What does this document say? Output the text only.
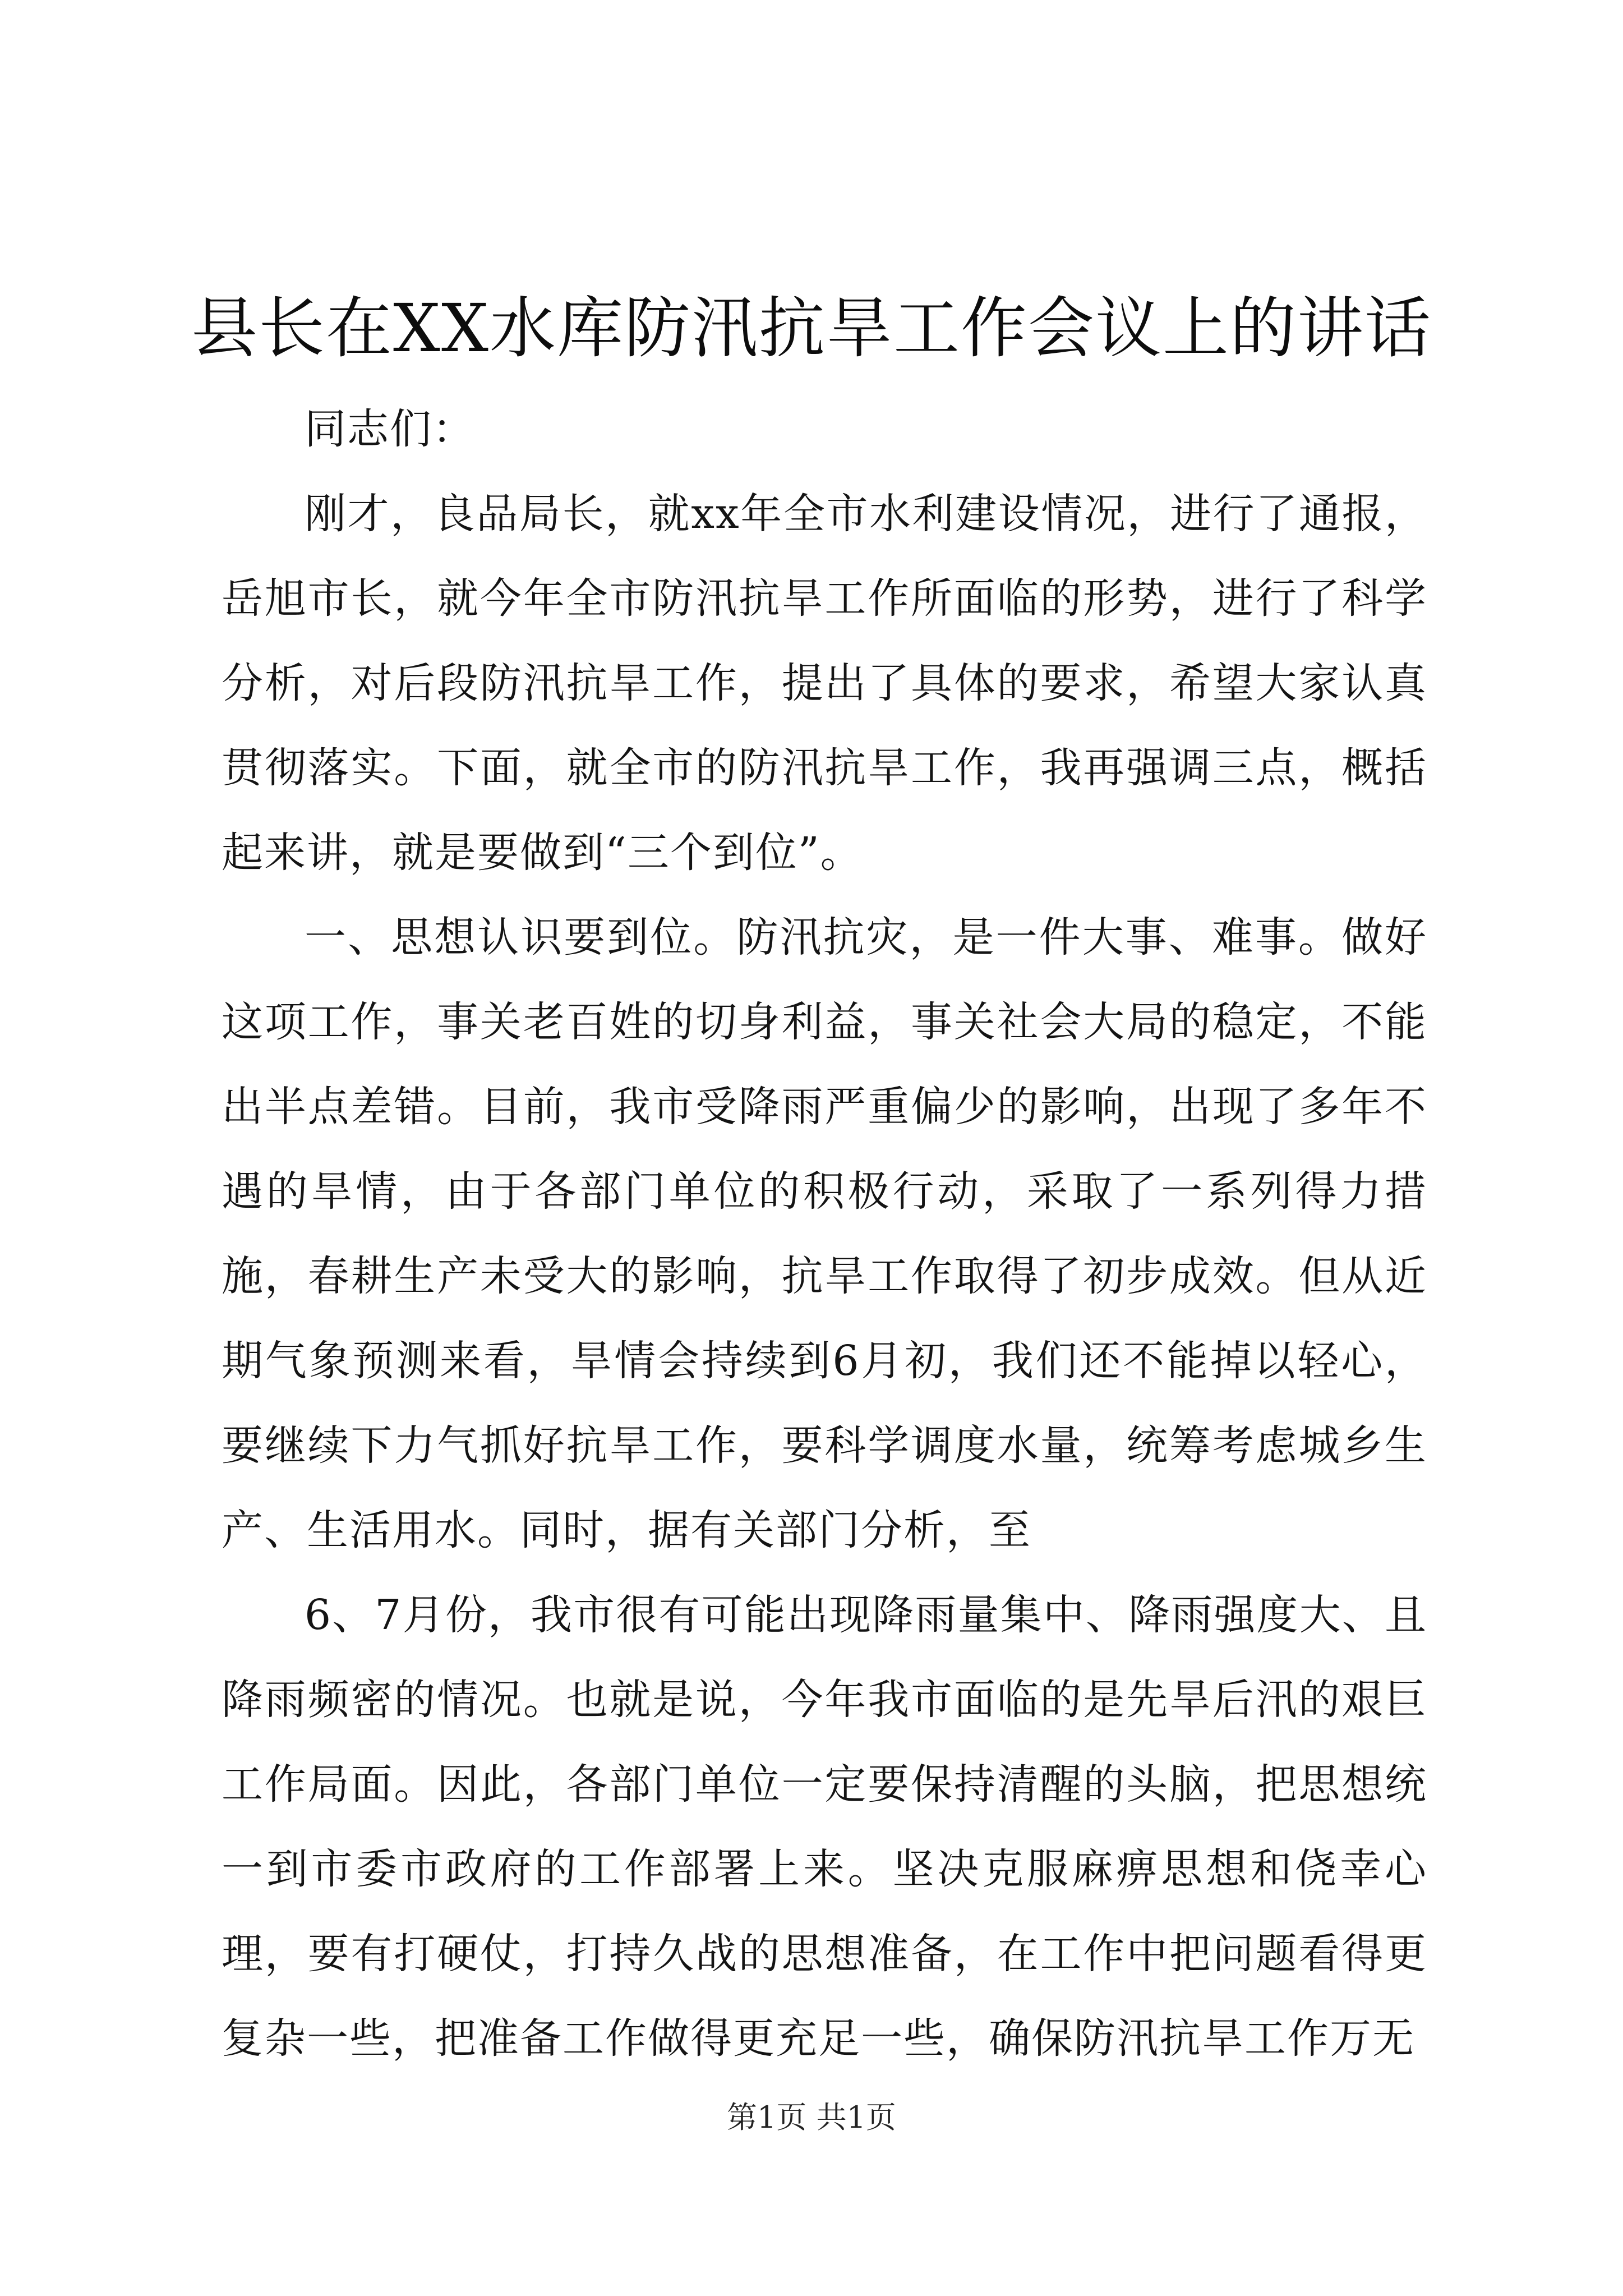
县长在XX水库防汛抗旱工作会议上的讲话

同志们：

刚才，良品局长，就xx年全市水利建设情况，进行了通报，岳旭市长，就今年全市防汛抗旱工作所面临的形势，进行了科学分析，对后段防汛抗旱工作，提出了具体的要求，希望大家认真贯彻落实。下面，就全市的防汛抗旱工作，我再强调三点，概括起来讲，就是要做到“三个到位”。

一、思想认识要到位。防汛抗灾，是一件大事、难事。做好这项工作，事关老百姓的切身利益，事关社会大局的稳定，不能出半点差错。目前，我市受降雨严重偏少的影响，出现了多年不遇的旱情，由于各部门单位的积极行动，采取了一系列得力措施，春耕生产未受大的影响，抗旱工作取得了初步成效。但从近期气象预测来看，旱情会持续到6月初，我们还不能掉以轻心，要继续下力气抓好抗旱工作，要科学调度水量，统筹考虑城乡生产、生活用水。同时，据有关部门分析，至

6、7月份，我市很有可能出现降雨量集中、降雨强度大、且降雨频密的情况。也就是说，今年我市面临的是先旱后汛的艰巨工作局面。因此，各部门单位一定要保持清醒的头脑，把思想统一到市委市政府的工作部署上来。坚决克服麻痹思想和侥幸心理，要有打硬仗，打持久战的思想准备，在工作中把问题看得更复杂一些，把准备工作做得更充足一些，确保防汛抗旱工作万无

第1页 共1页
